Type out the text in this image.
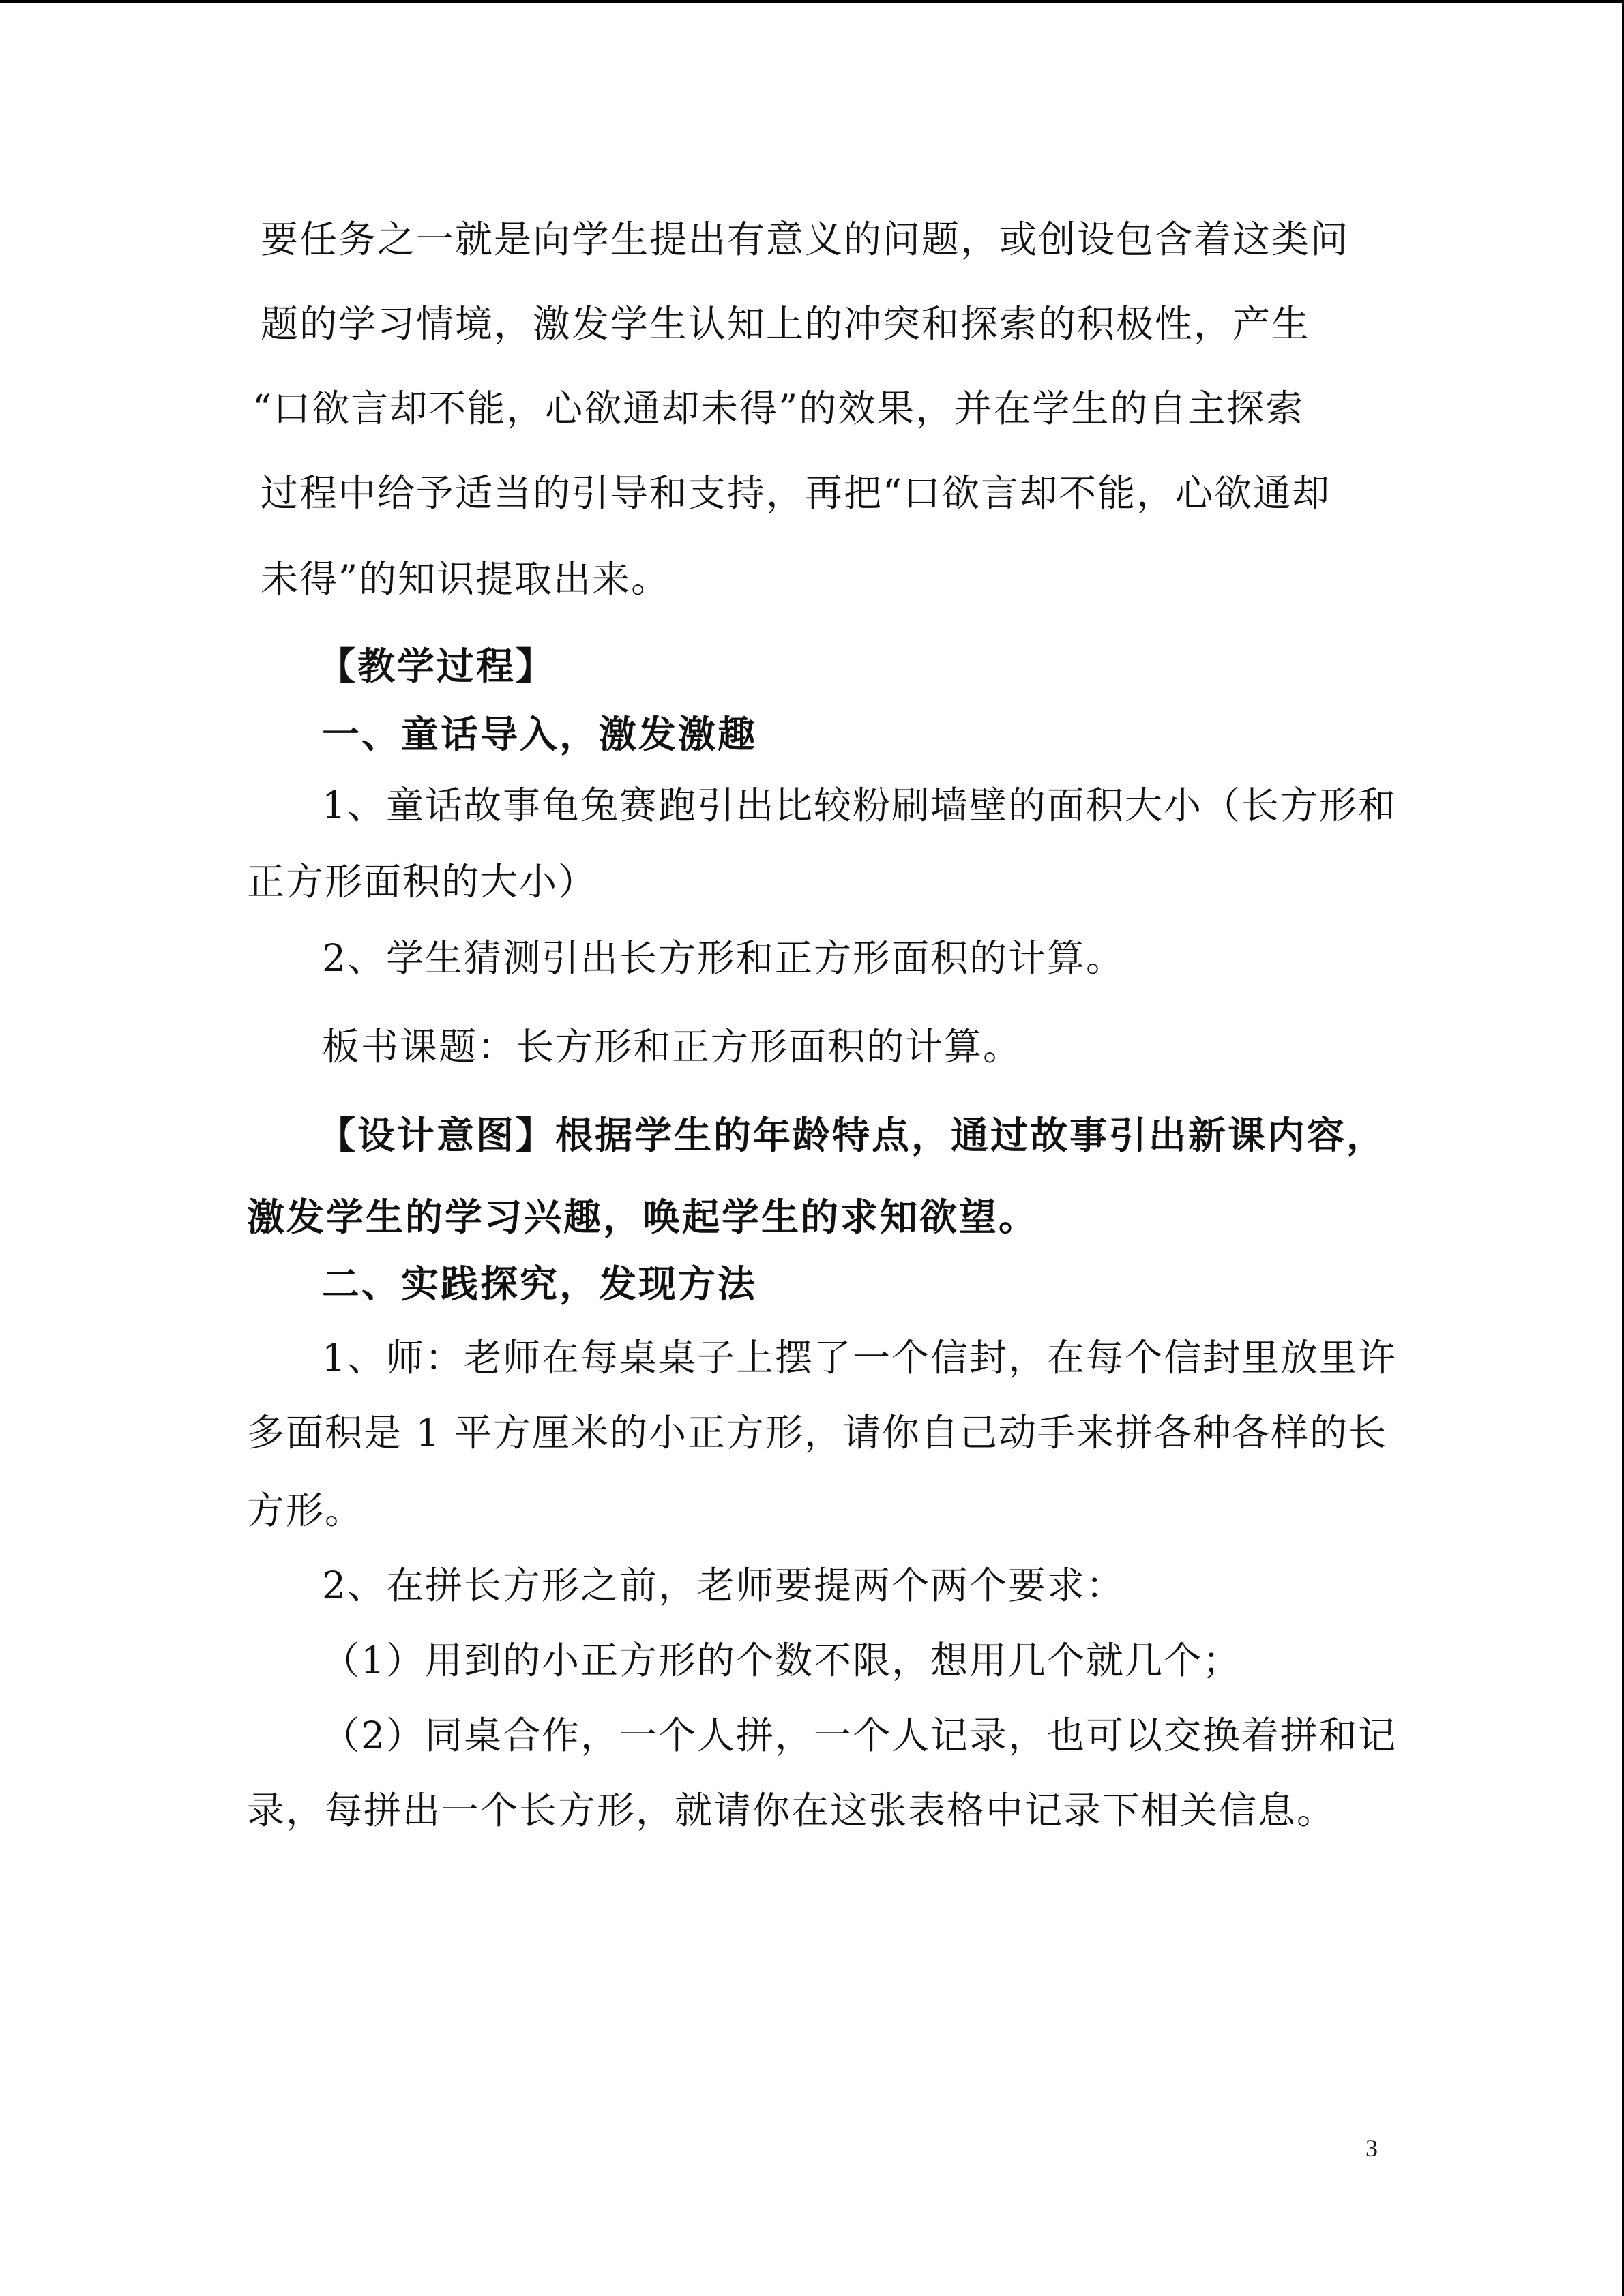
要任务之一就是向学生提出有意义的问题，或创设包含着这类问
题的学习情境，激发学生认知上的冲突和探索的积极性，产生
“口欲言却不能，心欲通却未得”的效果，并在学生的自主探索
过程中给予适当的引导和支持，再把“口欲言却不能，心欲通却
未得”的知识提取出来。
【教学过程】
一、童话导入，激发激趣
1、童话故事龟兔赛跑引出比较粉刷墙壁的面积大小（长方形和
正方形面积的大小）
2、学生猜测引出长方形和正方形面积的计算。
板书课题：长方形和正方形面积的计算。
【设计意图】根据学生的年龄特点，通过故事引出新课内容，
激发学生的学习兴趣，唤起学生的求知欲望。
二、实践探究，发现方法
1、师：老师在每桌桌子上摆了一个信封，在每个信封里放里许
多面积是 1 平方厘米的小正方形，请你自己动手来拼各种各样的长
方形。
2、在拼长方形之前，老师要提两个两个要求：
（1）用到的小正方形的个数不限，想用几个就几个；
（2）同桌合作，一个人拼，一个人记录，也可以交换着拼和记
录，每拼出一个长方形，就请你在这张表格中记录下相关信息。
3
